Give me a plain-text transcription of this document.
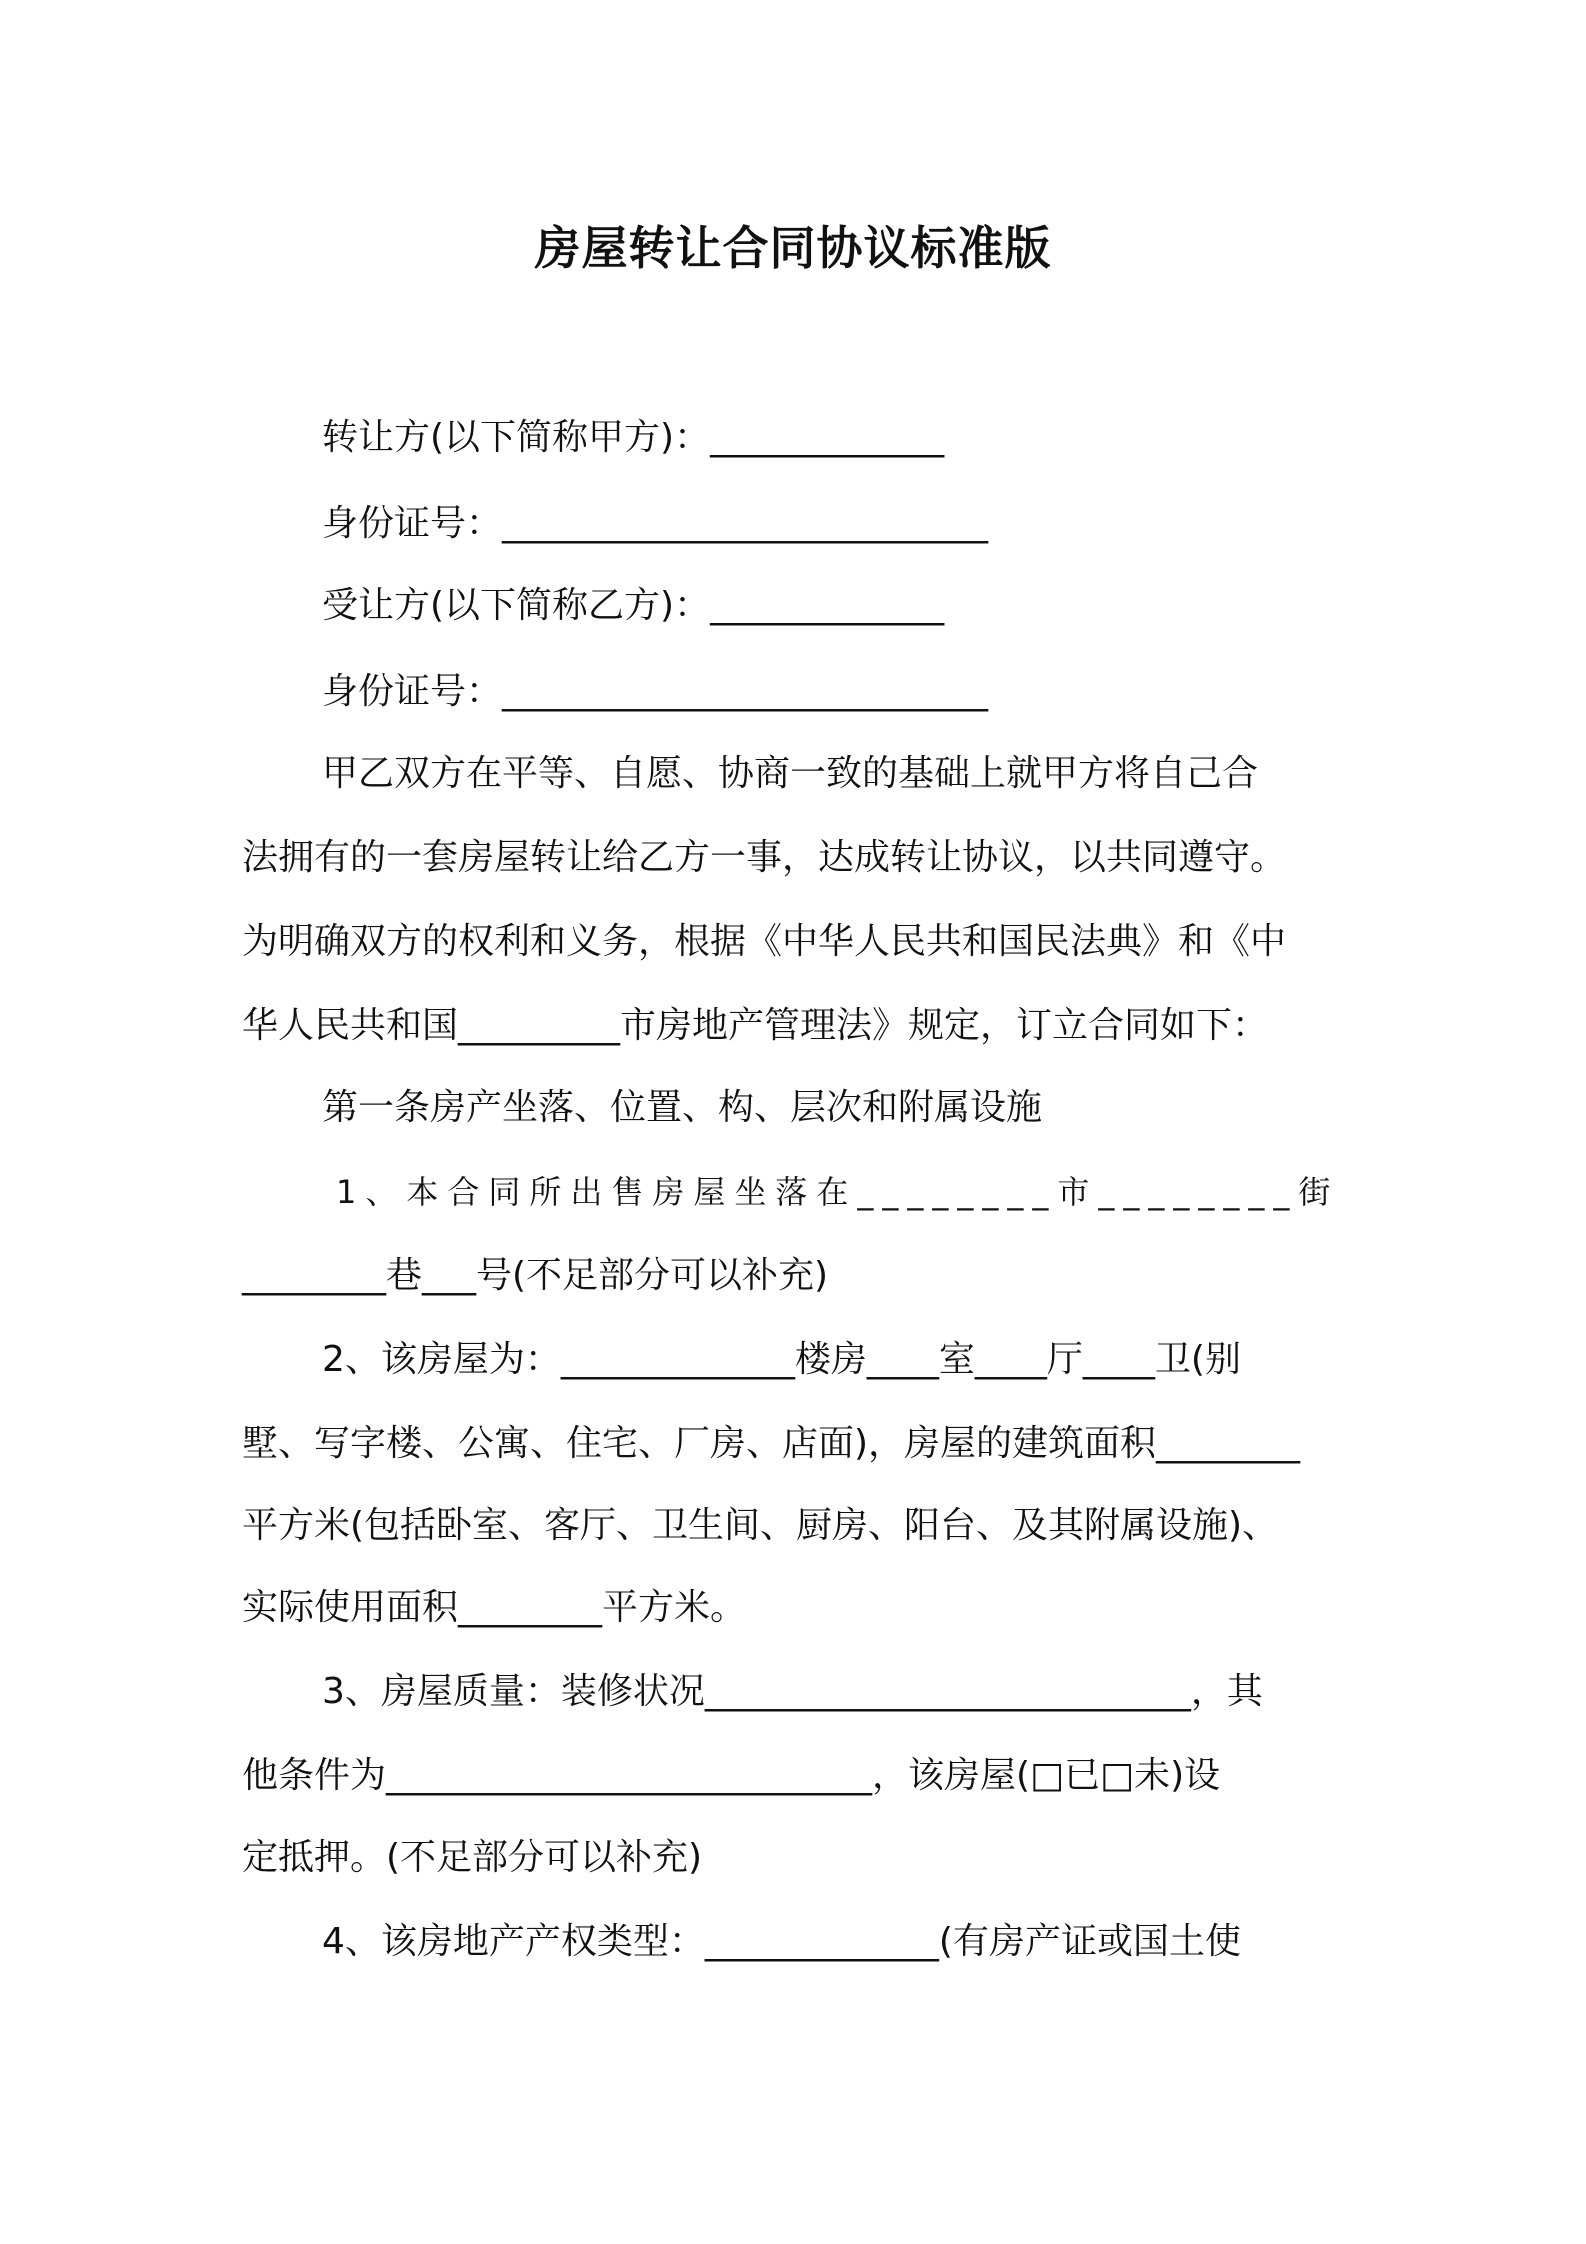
房屋转让合同协议标准版

转让方(以下简称甲方)：_____________

身份证号：___________________________

受让方(以下简称乙方)：_____________

身份证号：___________________________

甲乙双方在平等、自愿、协商一致的基础上就甲方将自己合

法拥有的一套房屋转让给乙方一事，达成转让协议，以共同遵守。

为明确双方的权利和义务，根据《中华人民共和国民法典》和《中

华人民共和国_________市房地产管理法》规定，订立合同如下：

第一条房产坐落、位置、构、层次和附属设施

1、本合同所出售房屋坐落在________市________街

________巷___号(不足部分可以补充)

2、该房屋为：_____________楼房____室____厅____卫(别

墅、写字楼、公寓、住宅、厂房、店面)，房屋的建筑面积________

平方米(包括卧室、客厅、卫生间、厨房、阳台、及其附属设施)、

实际使用面积________平方米。

3、房屋质量：装修状况___________________________，其

他条件为___________________________，该房屋(□已□未)设

定抵押。(不足部分可以补充)

4、该房地产产权类型：_____________(有房产证或国土使
